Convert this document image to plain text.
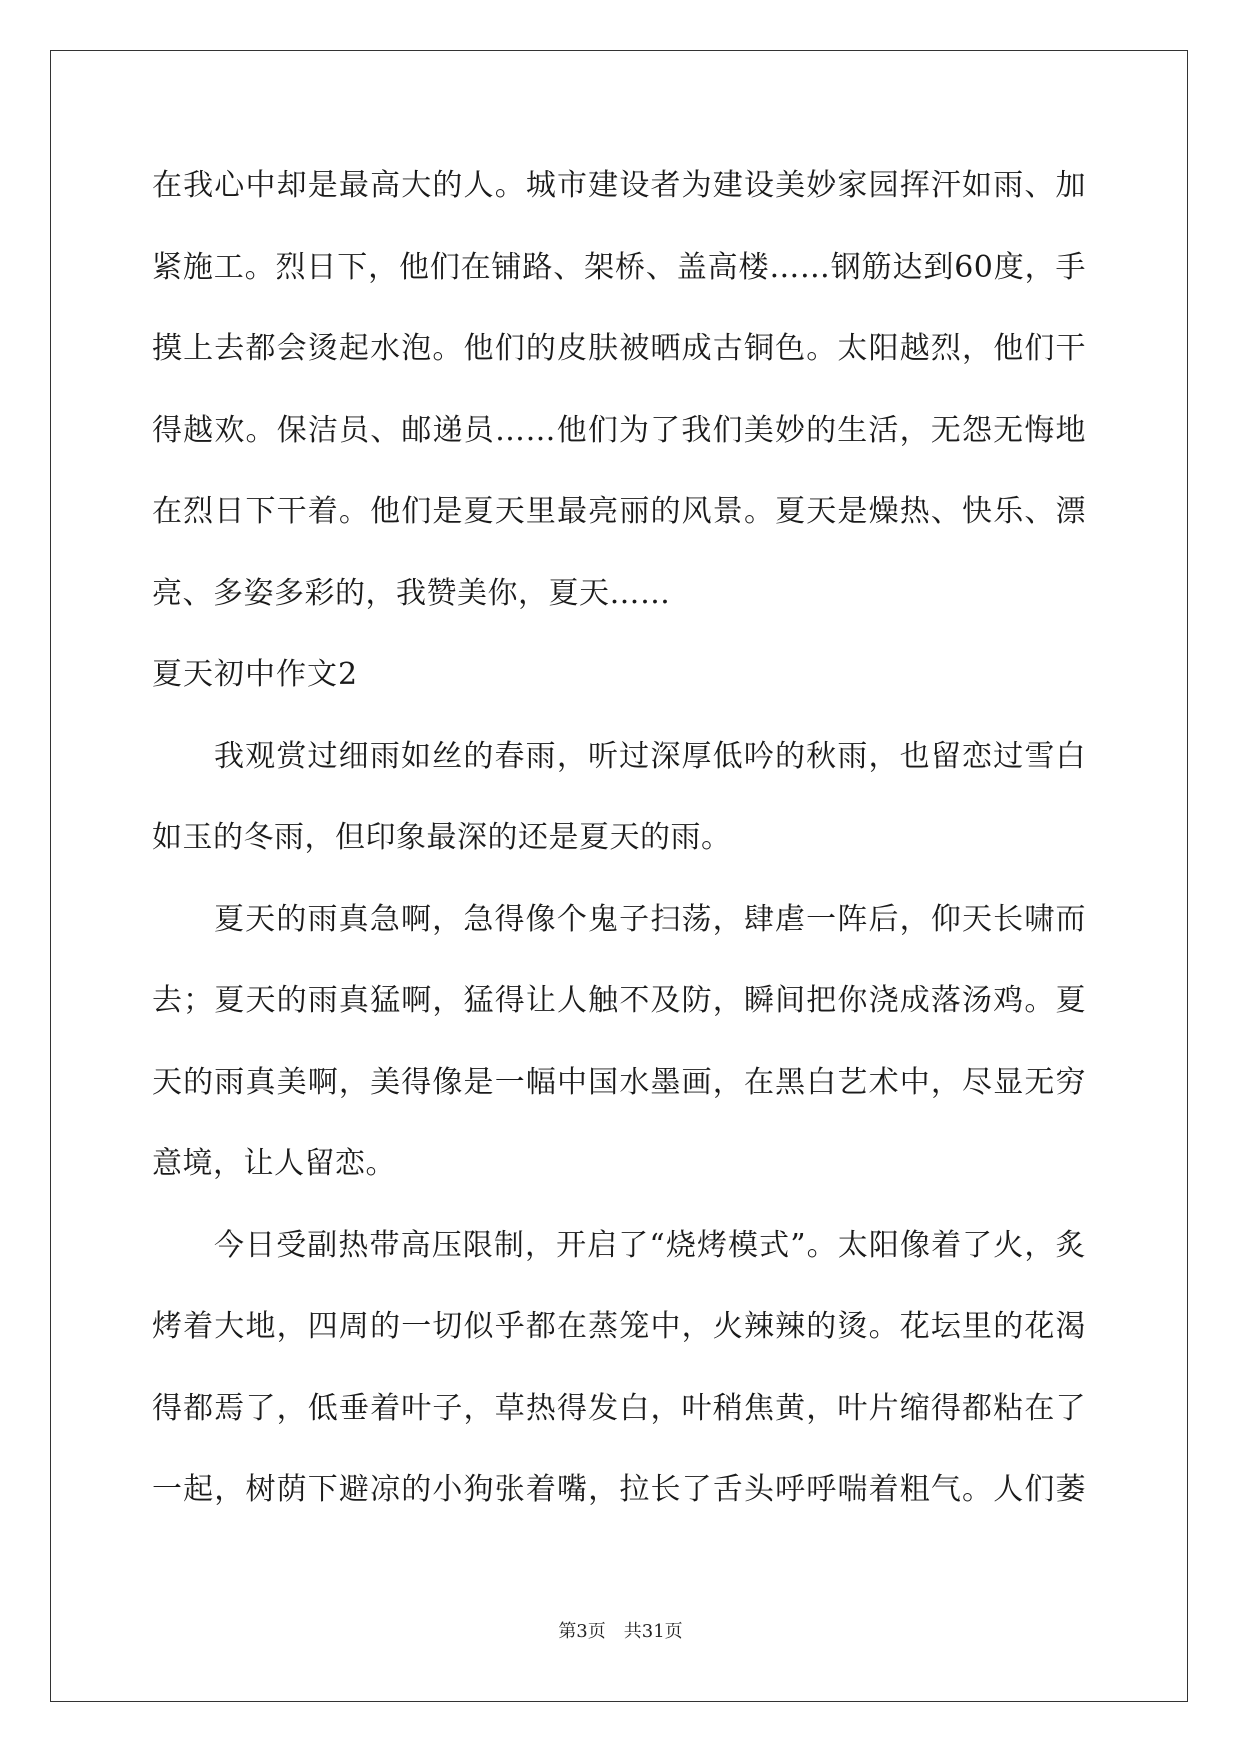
在我心中却是最高大的人。城市建设者为建设美妙家园挥汗如雨、加
紧施工。烈日下，他们在铺路、架桥、盖高楼……钢筋达到60度，手
摸上去都会烫起水泡。他们的皮肤被晒成古铜色。太阳越烈，他们干
得越欢。保洁员、邮递员……他们为了我们美妙的生活，无怨无悔地
在烈日下干着。他们是夏天里最亮丽的风景。夏天是燥热、快乐、漂
亮、多姿多彩的，我赞美你，夏天……
夏天初中作文2
我观赏过细雨如丝的春雨，听过深厚低吟的秋雨，也留恋过雪白
如玉的冬雨，但印象最深的还是夏天的雨。
夏天的雨真急啊，急得像个鬼子扫荡，肆虐一阵后，仰天长啸而
去；夏天的雨真猛啊，猛得让人触不及防，瞬间把你浇成落汤鸡。夏
天的雨真美啊，美得像是一幅中国水墨画，在黑白艺术中，尽显无穷
意境，让人留恋。
今日受副热带高压限制，开启了“烧烤模式”。太阳像着了火，炙
烤着大地，四周的一切似乎都在蒸笼中，火辣辣的烫。花坛里的花渴
得都焉了，低垂着叶子，草热得发白，叶稍焦黄，叶片缩得都粘在了
一起，树荫下避凉的小狗张着嘴，拉长了舌头呼呼喘着粗气。人们萎
第3页 共31页
